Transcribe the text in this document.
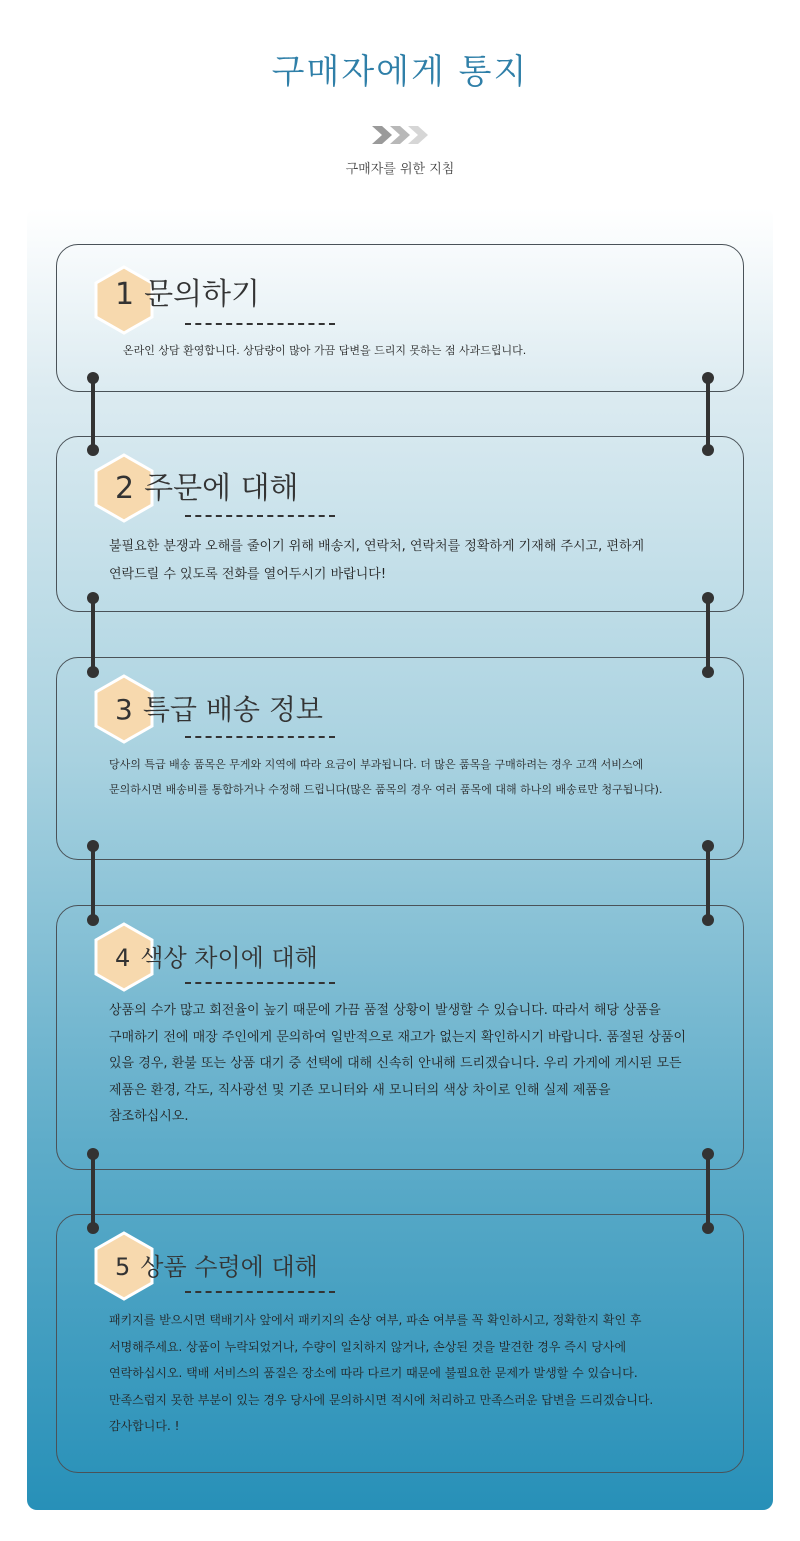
구매자에게 통지
구매자를 위한 지침
1 문의하기
온라인 상담 환영합니다. 상담량이 많아 가끔 답변을 드리지 못하는 점 사과드립니다.
2 주문에 대해
불필요한 분쟁과 오해를 줄이기 위해 배송지, 연락처, 연락처를 정확하게 기재해 주시고, 편하게 연락드릴 수 있도록 전화를 열어두시기 바랍니다!
3 특급 배송 정보
당사의 특급 배송 품목은 무게와 지역에 따라 요금이 부과됩니다. 더 많은 품목을 구매하려는 경우 고객 서비스에 문의하시면 배송비를 통합하거나 수정해 드립니다(많은 품목의 경우 여러 품목에 대해 하나의 배송료만 청구됩니다).
4 색상 차이에 대해
상품의 수가 많고 회전율이 높기 때문에 가끔 품절 상황이 발생할 수 있습니다. 따라서 해당 상품을 구매하기 전에 매장 주인에게 문의하여 일반적으로 재고가 없는지 확인하시기 바랍니다. 품절된 상품이 있을 경우, 환불 또는 상품 대기 중 선택에 대해 신속히 안내해 드리겠습니다. 우리 가게에 게시된 모든 제품은 환경, 각도, 직사광선 및 기존 모니터와 새 모니터의 색상 차이로 인해 실제 제품을 참조하십시오.
5 상품 수령에 대해
패키지를 받으시면 택배기사 앞에서 패키지의 손상 여부, 파손 여부를 꼭 확인하시고, 정확한지 확인 후 서명해주세요. 상품이 누락되었거나, 수량이 일치하지 않거나, 손상된 것을 발견한 경우 즉시 당사에 연락하십시오. 택배 서비스의 품질은 장소에 따라 다르기 때문에 불필요한 문제가 발생할 수 있습니다. 만족스럽지 못한 부분이 있는 경우 당사에 문의하시면 적시에 처리하고 만족스러운 답변을 드리겠습니다. 감사합니다. !
